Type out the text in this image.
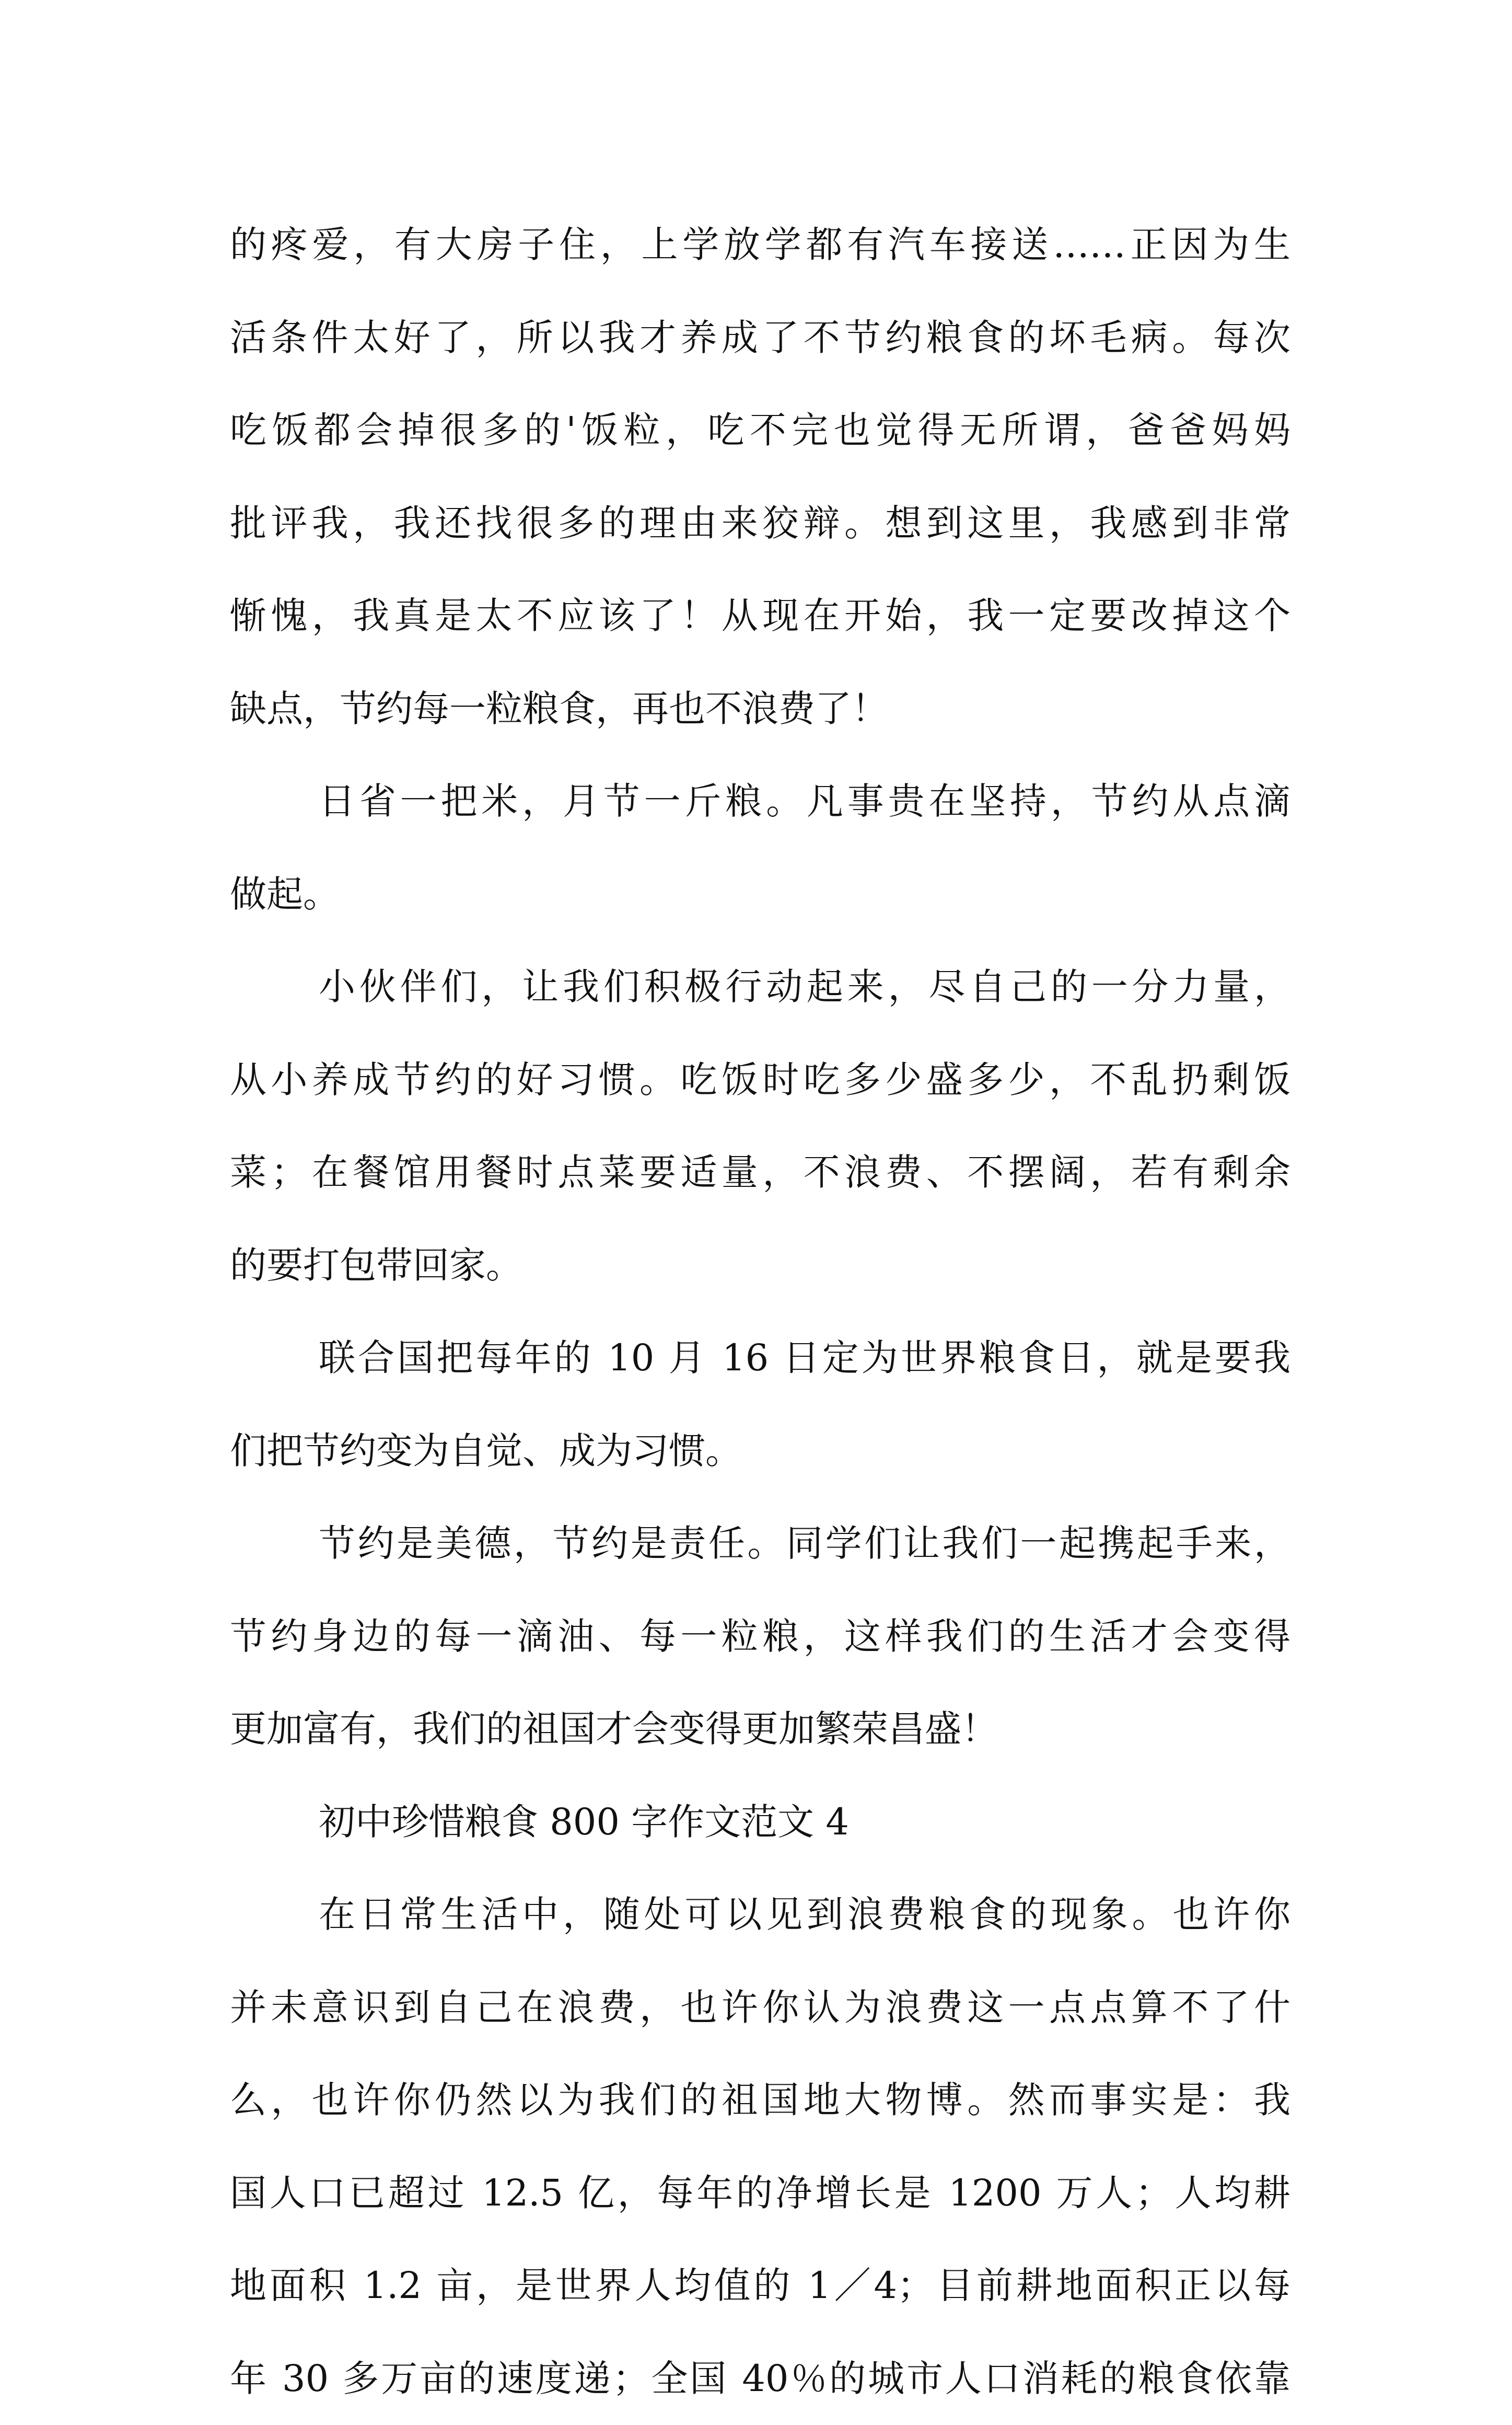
的疼爱，有大房子住，上学放学都有汽车接送……正因为生
活条件太好了，所以我才养成了不节约粮食的坏毛病。每次
吃饭都会掉很多的'饭粒，吃不完也觉得无所谓，爸爸妈妈
批评我，我还找很多的理由来狡辩。想到这里，我感到非常
惭愧，我真是太不应该了！从现在开始，我一定要改掉这个
缺点，节约每一粒粮食，再也不浪费了！
日省一把米，月节一斤粮。凡事贵在坚持，节约从点滴
做起。
小伙伴们，让我们积极行动起来，尽自己的一分力量，
从小养成节约的好习惯。吃饭时吃多少盛多少，不乱扔剩饭
菜；在餐馆用餐时点菜要适量，不浪费、不摆阔，若有剩余
的要打包带回家。
联合国把每年的 10 月 16 日定为世界粮食日，就是要我
们把节约变为自觉、成为习惯。
节约是美德，节约是责任。同学们让我们一起携起手来，
节约身边的每一滴油、每一粒粮，这样我们的生活才会变得
更加富有，我们的祖国才会变得更加繁荣昌盛！
初中珍惜粮食 800 字作文范文 4
在日常生活中，随处可以见到浪费粮食的现象。也许你
并未意识到自己在浪费，也许你认为浪费这一点点算不了什
么，也许你仍然以为我们的祖国地大物博。然而事实是：我
国人口已超过 12.5 亿，每年的净增长是 1200 万人；人均耕
地面积 1.2 亩，是世界人均值的 1／4；目前耕地面积正以每
年 30 多万亩的速度递；全国 40％的城市人口消耗的粮食依靠
